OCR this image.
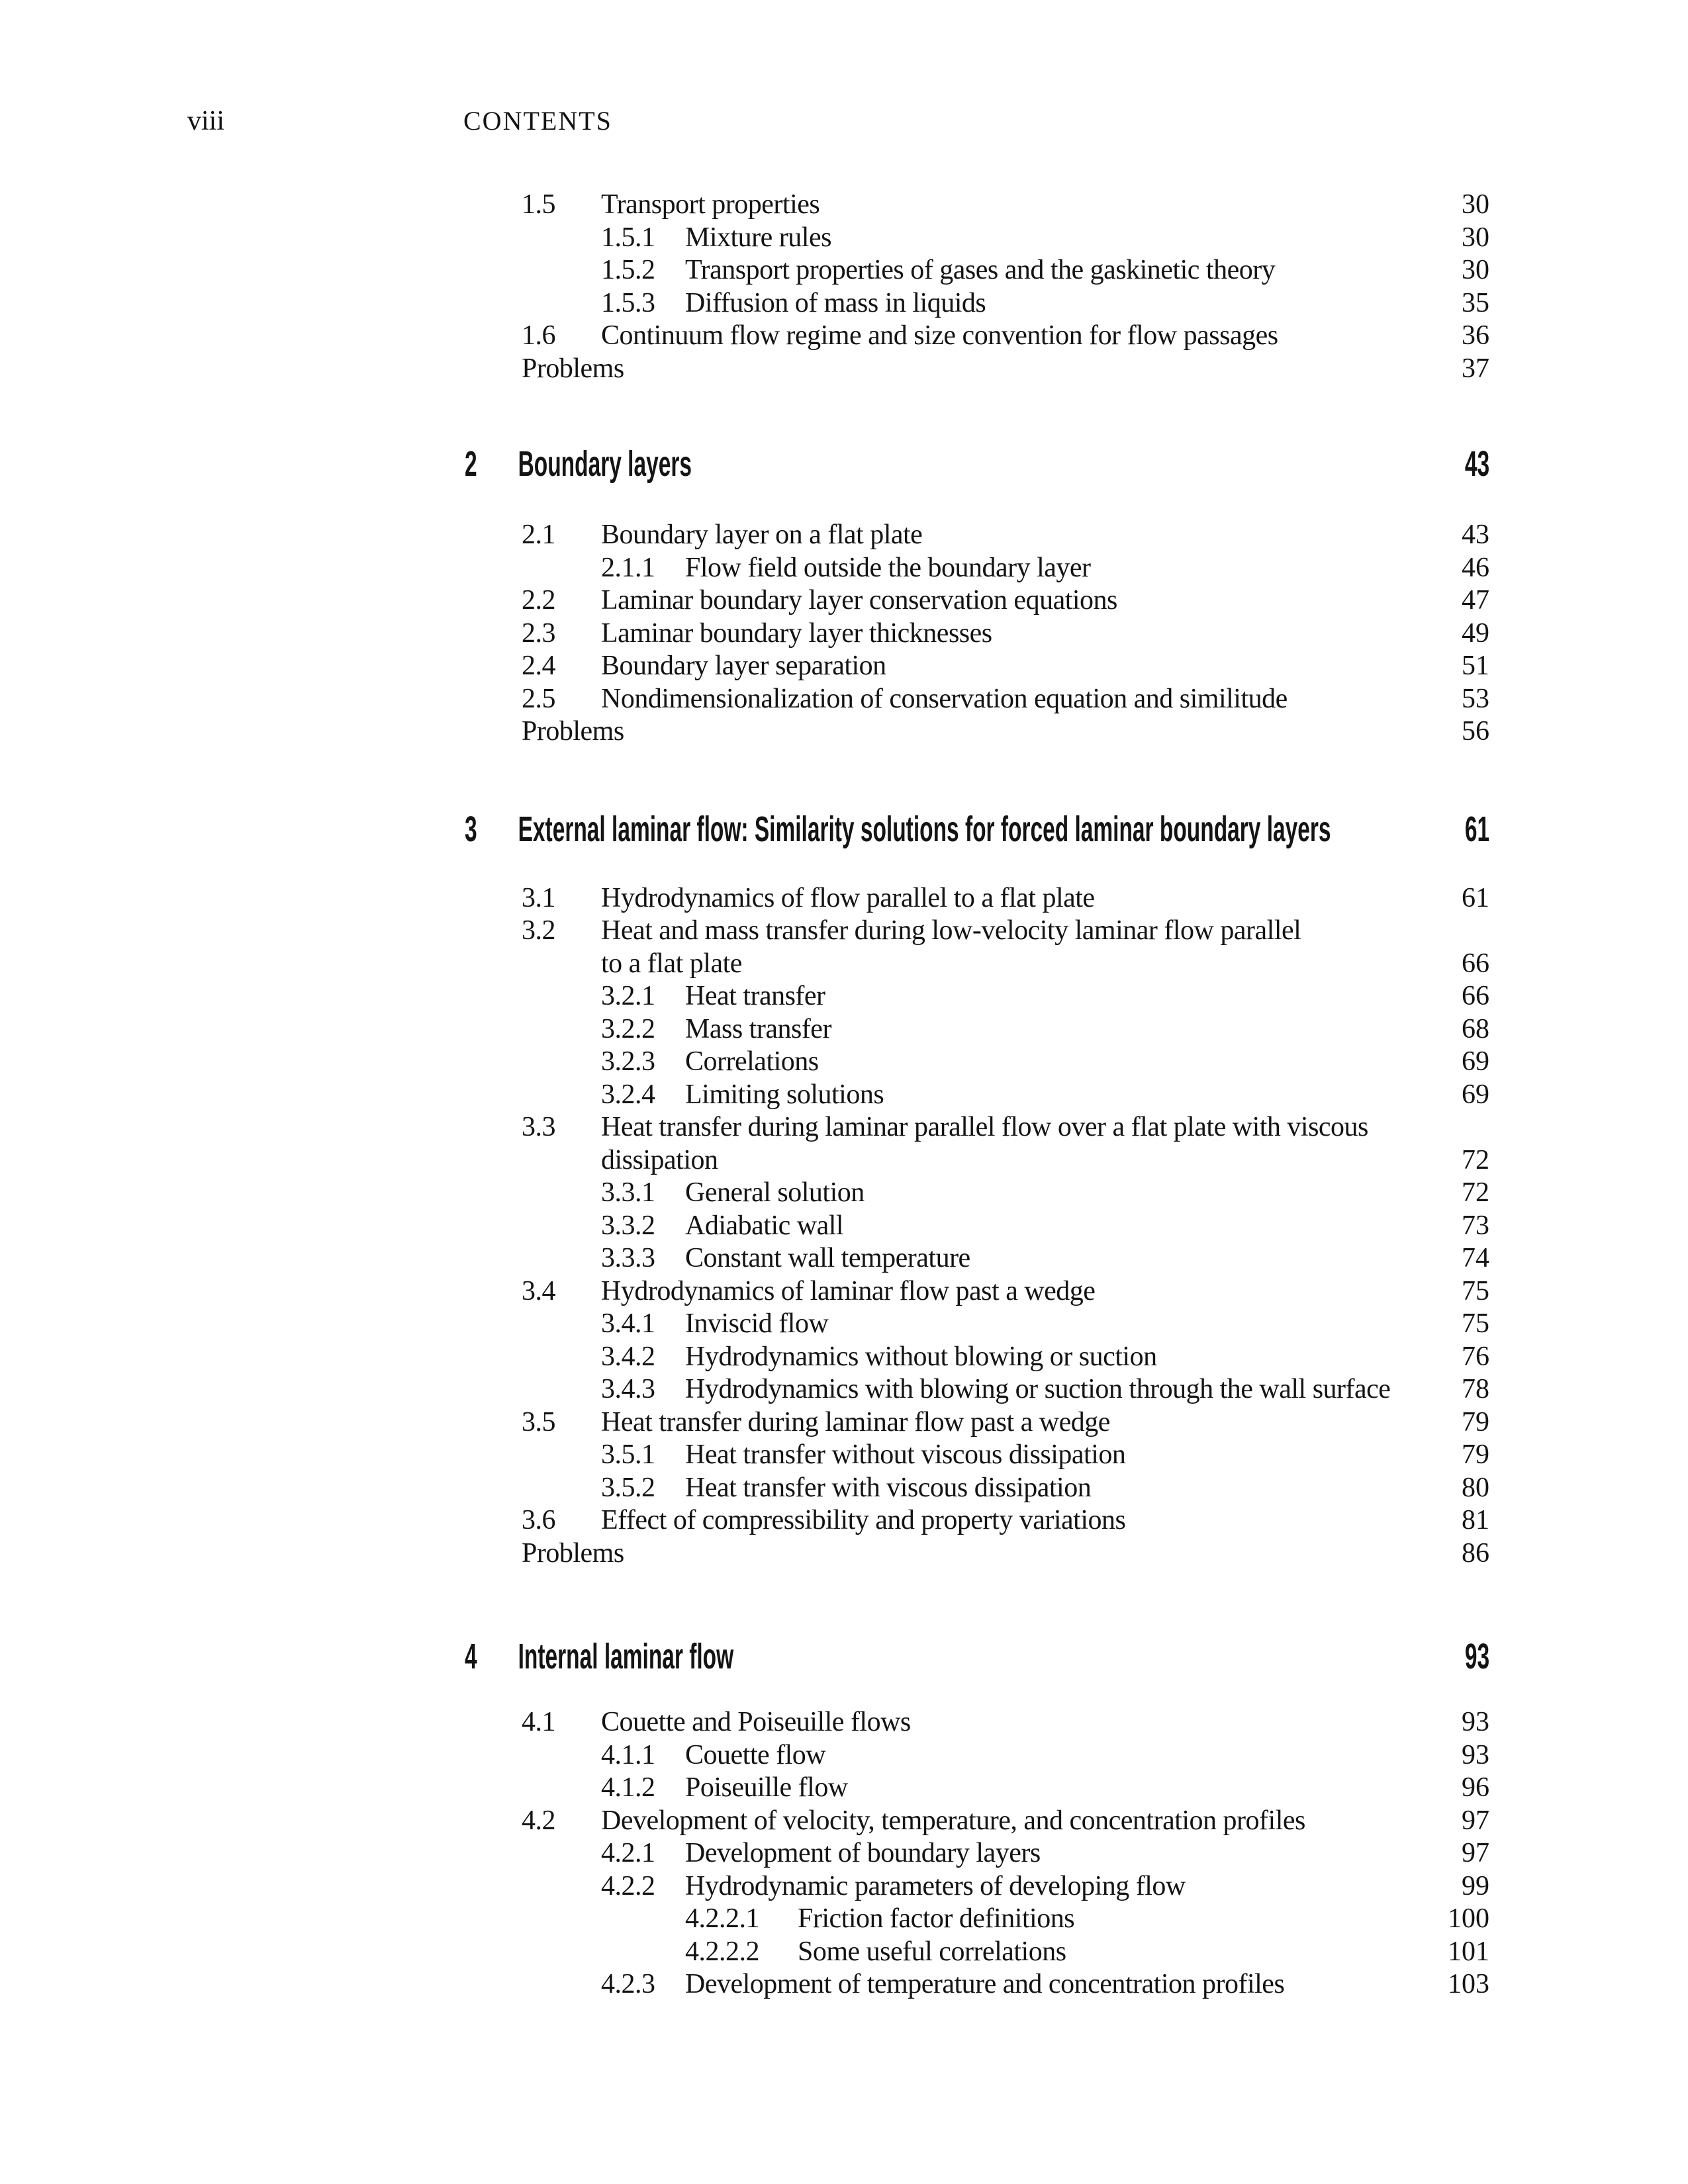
viii	CONTENTS
1.5 Transport properties	30
1.5.1 Mixture rules	30
1.5.2 Transport properties of gases and the gaskinetic theory	30
1.5.3 Diffusion of mass in liquids	35
1.6 Continuum flow regime and size convention for flow passages	36
Problems	37
2 Boundary layers	43
2.1 Boundary layer on a flat plate	43
2.1.1 Flow field outside the boundary layer	46
2.2 Laminar boundary layer conservation equations	47
2.3 Laminar boundary layer thicknesses	49
2.4 Boundary layer separation	51
2.5 Nondimensionalization of conservation equation and similitude	53
Problems	56
3 External laminar flow: Similarity solutions for forced laminar boundary layers	61
3.1 Hydrodynamics of flow parallel to a flat plate	61
3.2 Heat and mass transfer during low-velocity laminar flow parallel
to a flat plate	66
3.2.1 Heat transfer	66
3.2.2 Mass transfer	68
3.2.3 Correlations	69
3.2.4 Limiting solutions	69
3.3 Heat transfer during laminar parallel flow over a flat plate with viscous
dissipation	72
3.3.1 General solution	72
3.3.2 Adiabatic wall	73
3.3.3 Constant wall temperature	74
3.4 Hydrodynamics of laminar flow past a wedge	75
3.4.1 Inviscid flow	75
3.4.2 Hydrodynamics without blowing or suction	76
3.4.3 Hydrodynamics with blowing or suction through the wall surface	78
3.5 Heat transfer during laminar flow past a wedge	79
3.5.1 Heat transfer without viscous dissipation	79
3.5.2 Heat transfer with viscous dissipation	80
3.6 Effect of compressibility and property variations	81
Problems	86
4 Internal laminar flow	93
4.1 Couette and Poiseuille flows	93
4.1.1 Couette flow	93
4.1.2 Poiseuille flow	96
4.2 Development of velocity, temperature, and concentration profiles	97
4.2.1 Development of boundary layers	97
4.2.2 Hydrodynamic parameters of developing flow	99
4.2.2.1 Friction factor definitions	100
4.2.2.2 Some useful correlations	101
4.2.3 Development of temperature and concentration profiles	103
